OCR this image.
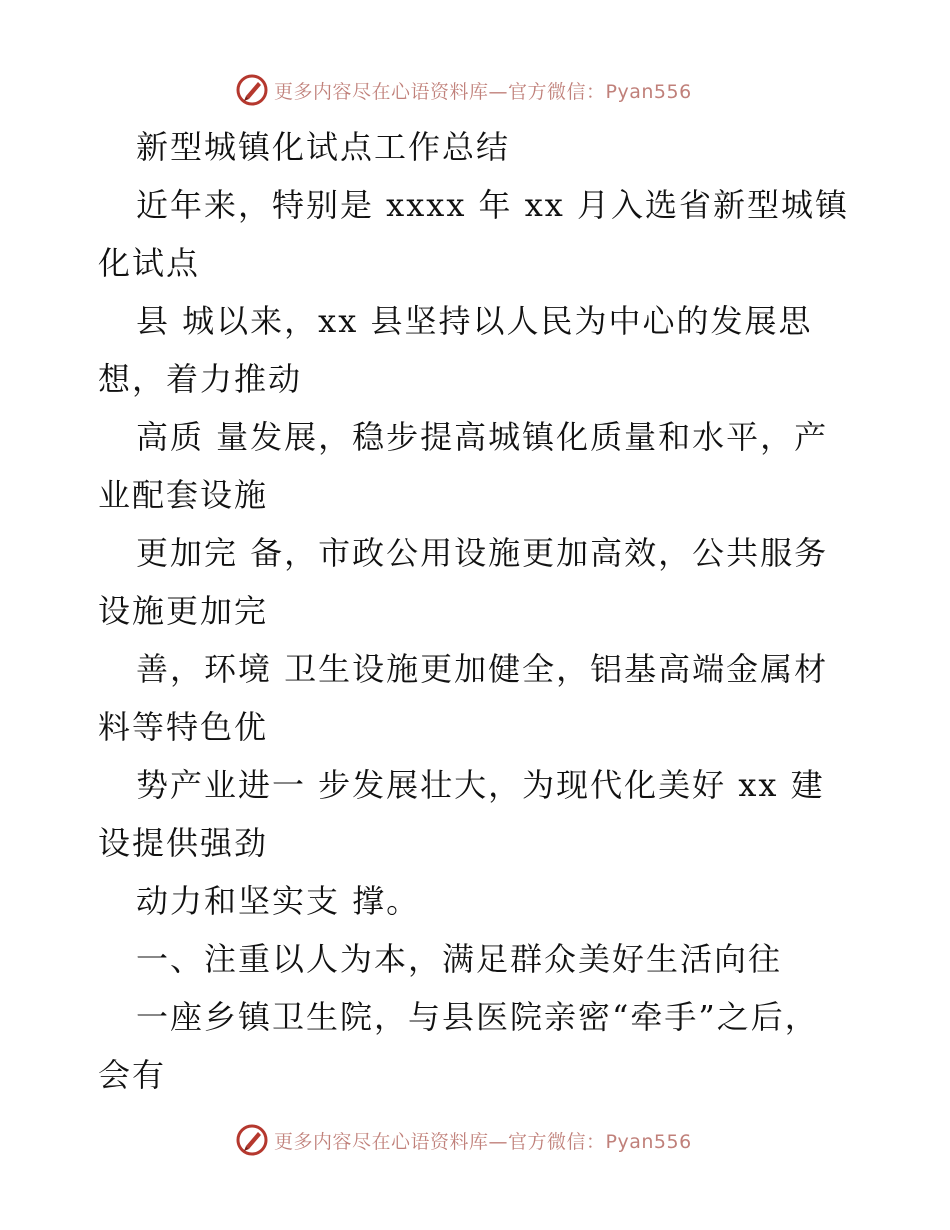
更多内容尽在心语资料库—官方微信：Pyan556
新型城镇化试点工作总结
近年来，特别是 xxxx 年 xx 月入选省新型城镇
化试点
县 城以来，xx 县坚持以人民为中心的发展思
想，着力推动
高质 量发展，稳步提高城镇化质量和水平，产
业配套设施
更加完 备，市政公用设施更加高效，公共服务
设施更加完
善，环境 卫生设施更加健全，铝基高端金属材
料等特色优
势产业进一 步发展壮大，为现代化美好 xx 建
设提供强劲
动力和坚实支 撑。
一、注重以人为本，满足群众美好生活向往
一座乡镇卫生院，与县医院亲密“牵手”之后，
会有
更多内容尽在心语资料库—官方微信：Pyan556
